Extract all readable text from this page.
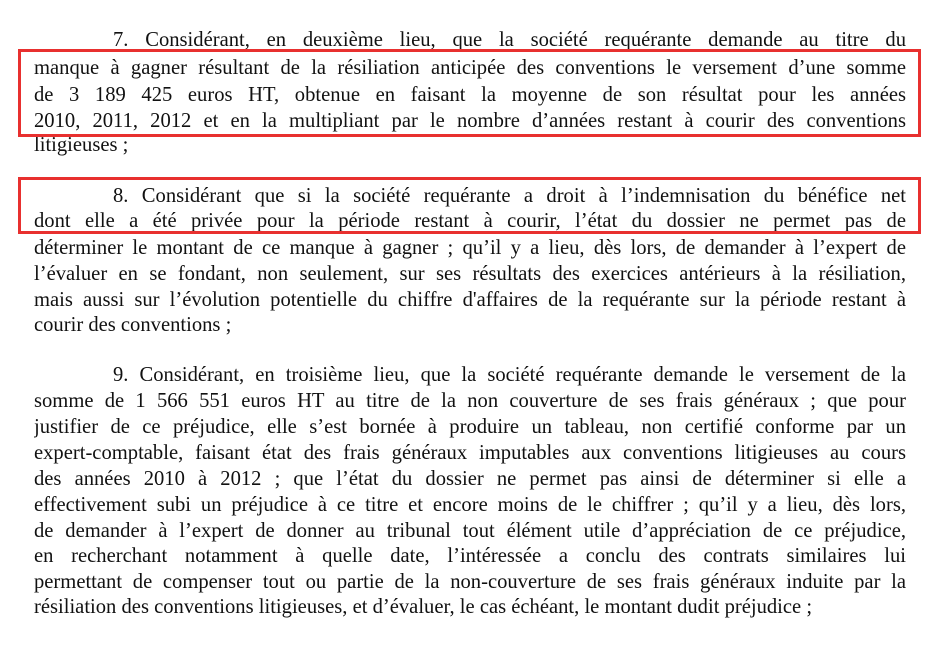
7. Considérant, en deuxième lieu, que la société requérante demande au titre du
manque à gagner résultant de la résiliation anticipée des conventions le versement d’une somme
de 3 189 425 euros HT, obtenue en faisant la moyenne de son résultat pour les années
2010, 2011, 2012 et en la multipliant par le nombre d’années restant à courir des conventions
litigieuses ;
8. Considérant que si la société requérante a droit à l’indemnisation du bénéfice net
dont elle a été privée pour la période restant à courir, l’état du dossier ne permet pas de
déterminer le montant de ce manque à gagner ; qu’il y a lieu, dès lors, de demander à l’expert de
l’évaluer en se fondant, non seulement, sur ses résultats des exercices antérieurs à la résiliation,
mais aussi sur l’évolution potentielle du chiffre d'affaires de la requérante sur la période restant à
courir des conventions ;
9. Considérant, en troisième lieu, que la société requérante demande le versement de la
somme de 1 566 551 euros HT au titre de la non couverture de ses frais généraux ; que pour
justifier de ce préjudice, elle s’est bornée à produire un tableau, non certifié conforme par un
expert-comptable, faisant état des frais généraux imputables aux conventions litigieuses au cours
des années 2010 à 2012 ; que l’état du dossier ne permet pas ainsi de déterminer si elle a
effectivement subi un préjudice à ce titre et encore moins de le chiffrer ; qu’il y a lieu, dès lors,
de demander à l’expert de donner au tribunal tout élément utile d’appréciation de ce préjudice,
en recherchant notamment à quelle date, l’intéressée a conclu des contrats similaires lui
permettant de compenser tout ou partie de la non-couverture de ses frais généraux induite par la
résiliation des conventions litigieuses, et d’évaluer, le cas échéant, le montant dudit préjudice ;
